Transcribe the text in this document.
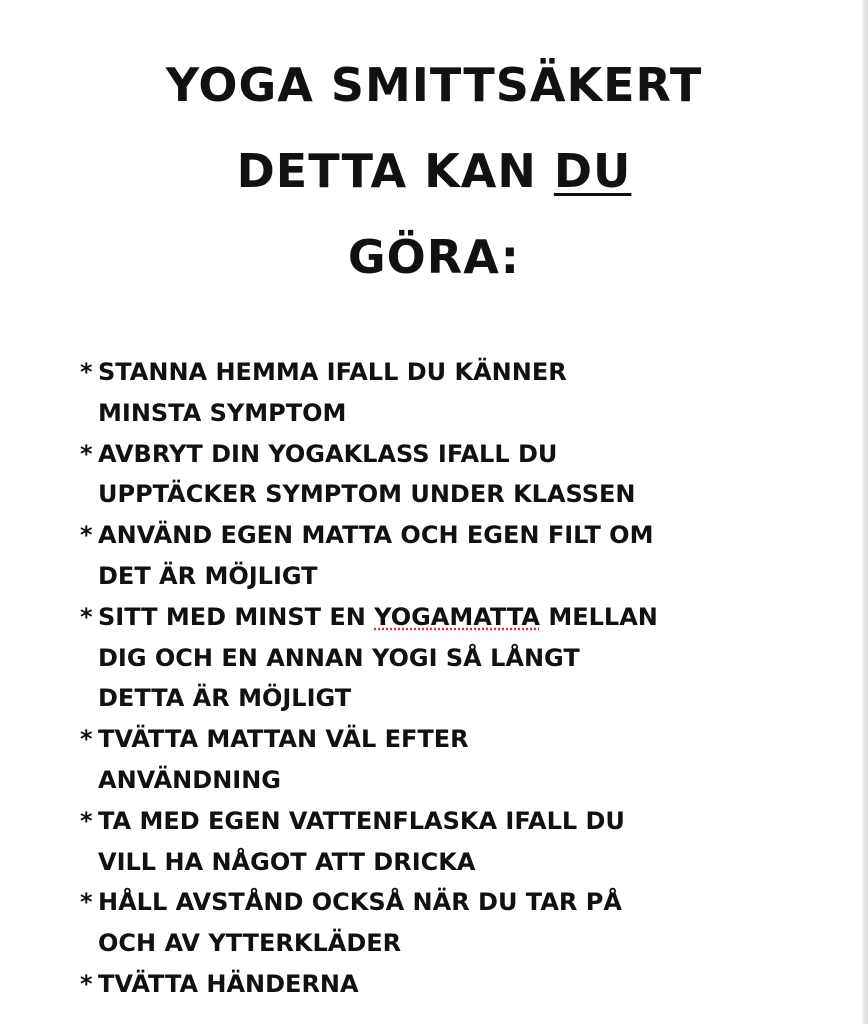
YOGA SMITTSÄKERT
DETTA KAN DU
GÖRA:
* STANNA HEMMA IFALL DU KÄNNER
MINSTA SYMPTOM
* AVBRYT DIN YOGAKLASS IFALL DU
UPPTÄCKER SYMPTOM UNDER KLASSEN
* ANVÄND EGEN MATTA OCH EGEN FILT OM
DET ÄR MÖJLIGT
* SITT MED MINST EN YOGAMATTA MELLAN
DIG OCH EN ANNAN YOGI SÅ LÅNGT
DETTA ÄR MÖJLIGT
* TVÄTTA MATTAN VÄL EFTER
ANVÄNDNING
* TA MED EGEN VATTENFLASKA IFALL DU
VILL HA NÅGOT ATT DRICKA
* HÅLL AVSTÅND OCKSÅ NÄR DU TAR PÅ
OCH AV YTTERKLÄDER
* TVÄTTA HÄNDERNA
